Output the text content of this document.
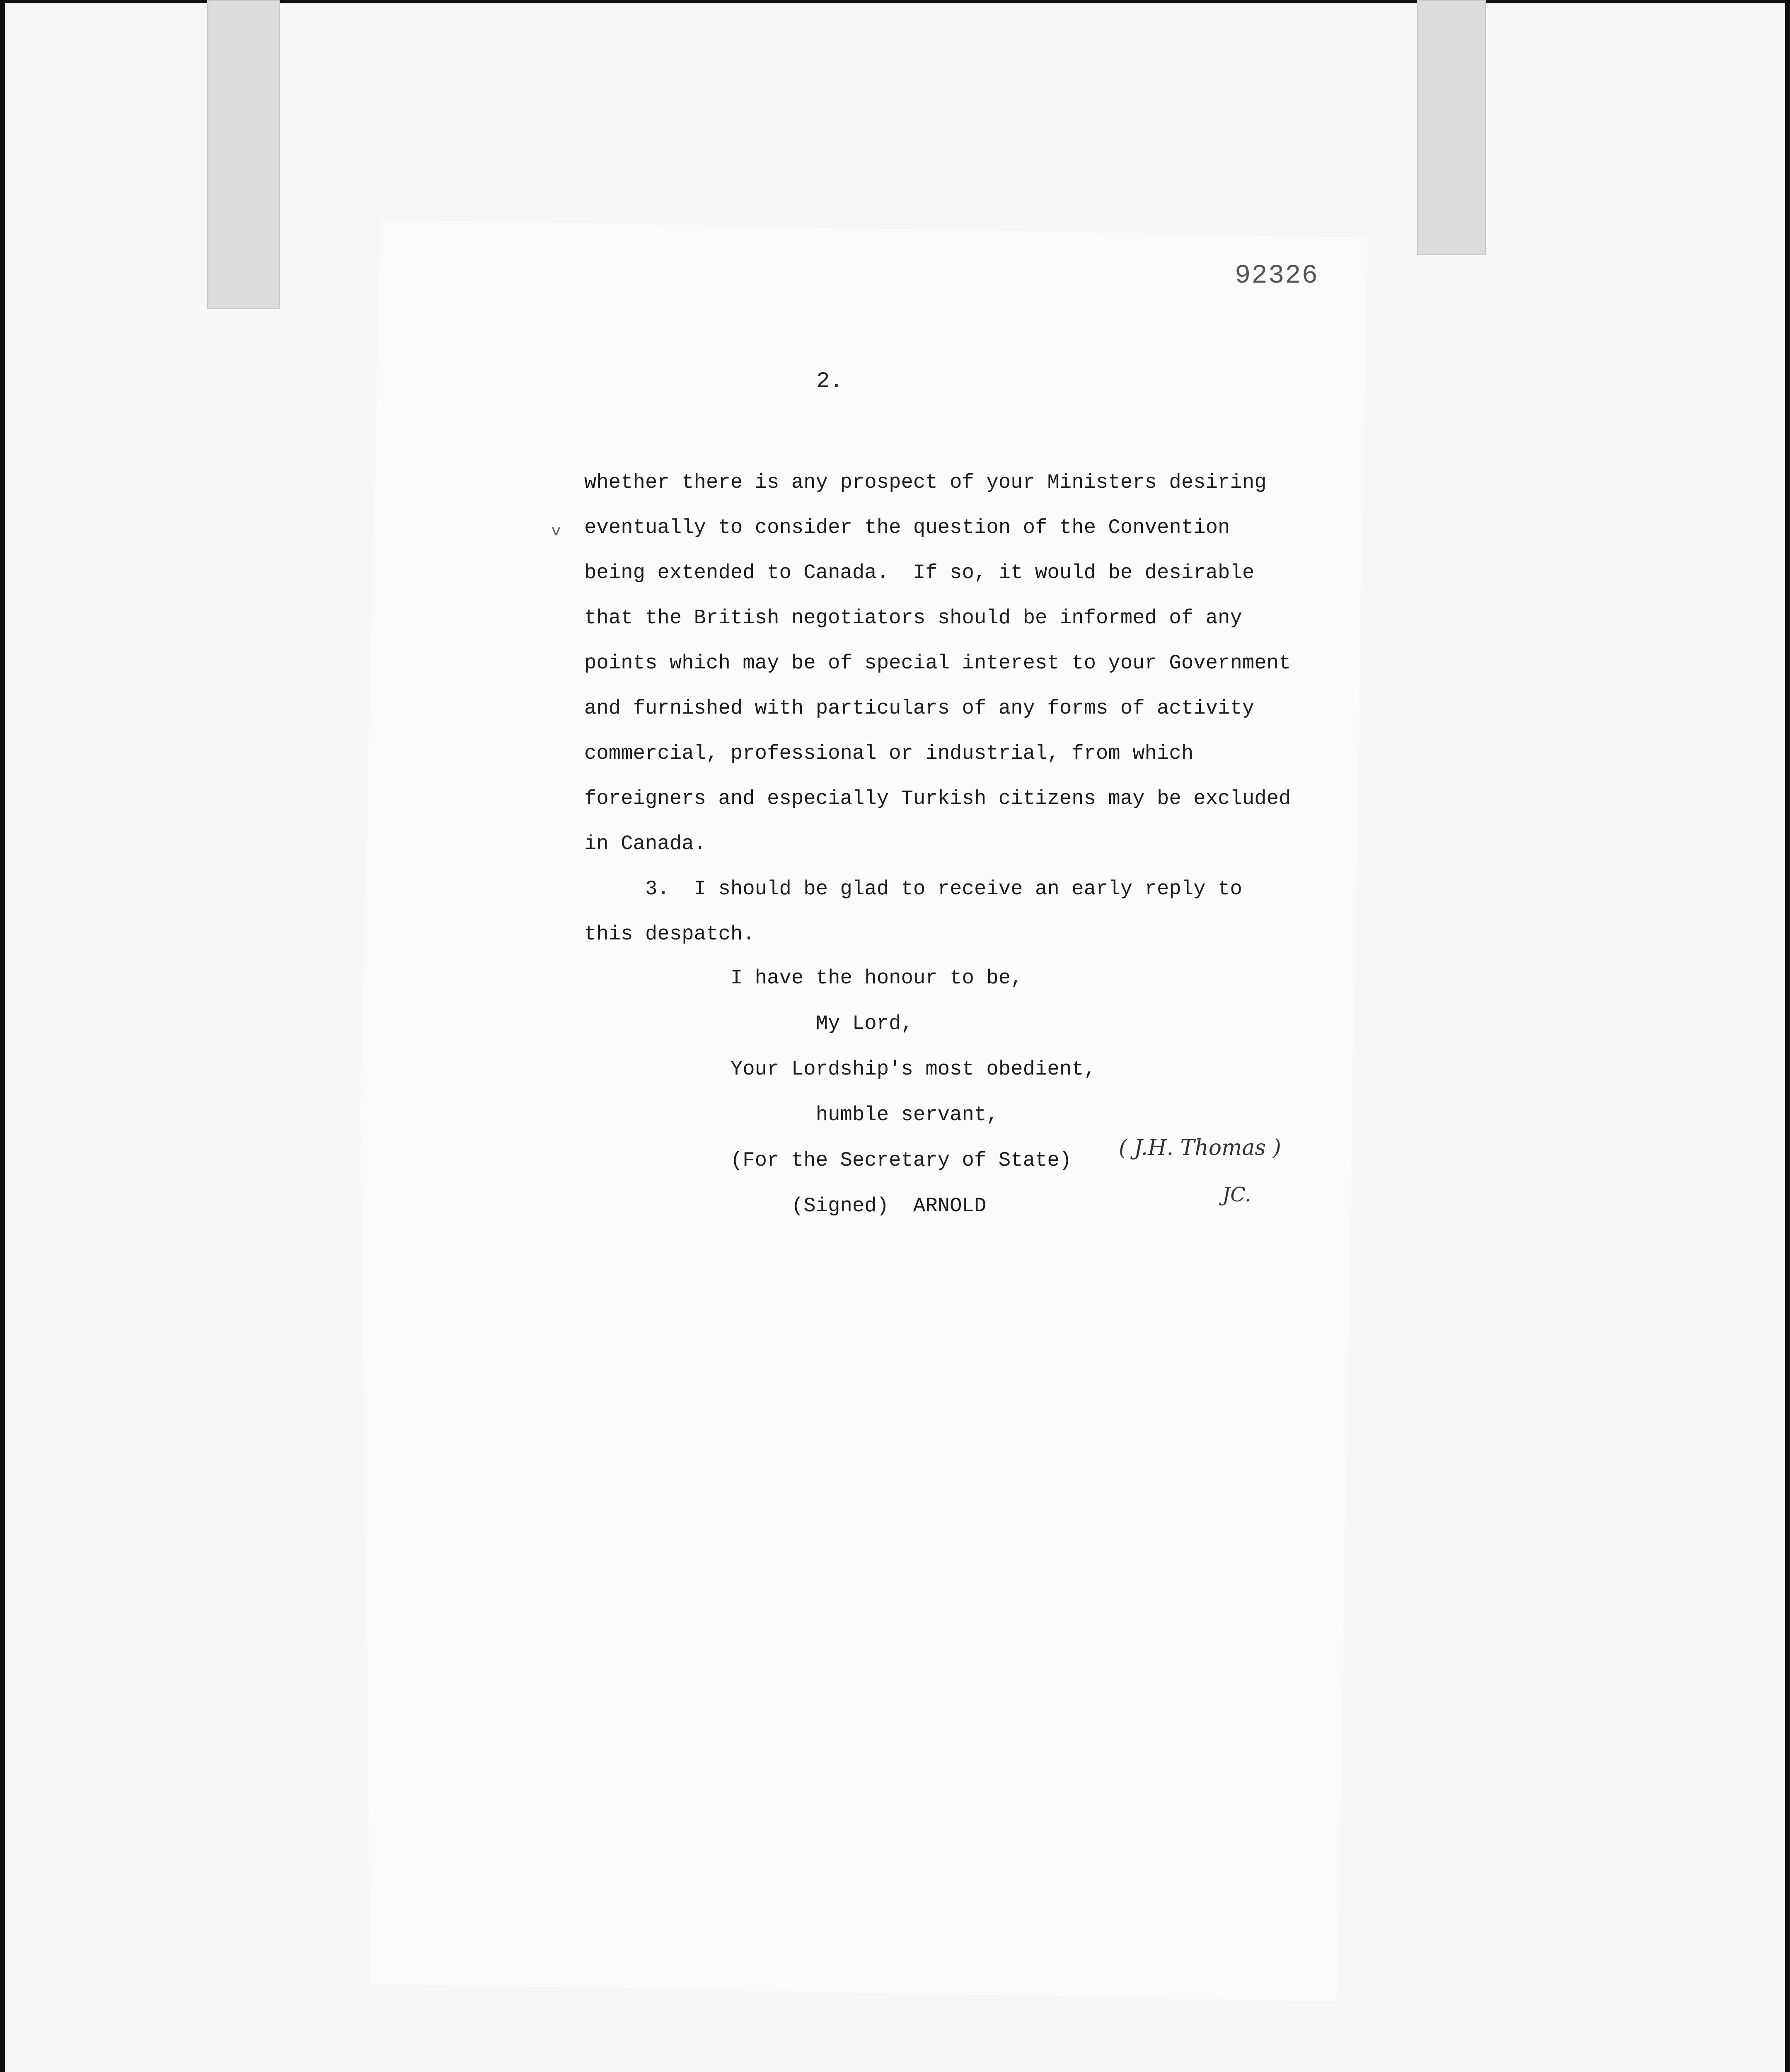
92326
2.
v
whether there is any prospect of your Ministers desiring
eventually to consider the question of the Convention
being extended to Canada.  If so, it would be desirable
that the British negotiators should be informed of any
points which may be of special interest to your Government
and furnished with particulars of any forms of activity
commercial, professional or industrial, from which
foreigners and especially Turkish citizens may be excluded
in Canada.
3.  I should be glad to receive an early reply to
this despatch.
I have the honour to be,
My Lord,
Your Lordship's most obedient,
humble servant,
(For the Secretary of State)
(Signed)  ARNOLD
( J.H. Thomas )
JC.
